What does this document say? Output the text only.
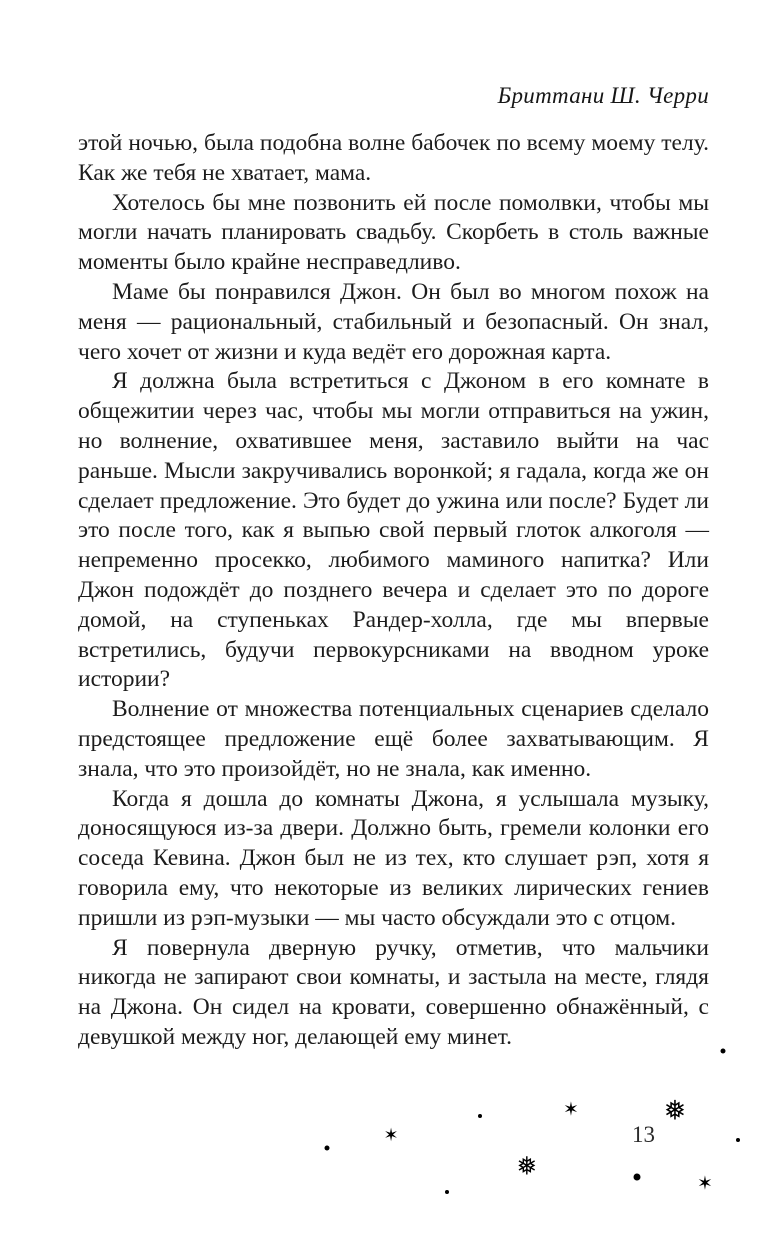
Бриттани Ш. Черри

этой ночью, была подобна волне бабочек по всему моему телу. Как же тебя не хватает, мама.

Хотелось бы мне позвонить ей после помолвки, чтобы мы могли начать планировать свадьбу. Скорбеть в столь важные моменты было крайне несправедливо.

Маме бы понравился Джон. Он был во многом похож на меня — рациональный, стабильный и безопасный. Он знал, чего хочет от жизни и куда ведёт его дорожная карта.

Я должна была встретиться с Джоном в его комнате в общежитии через час, чтобы мы могли отправиться на ужин, но волнение, охватившее меня, заставило выйти на час раньше. Мысли закручивались воронкой; я гадала, когда же он сделает предложение. Это будет до ужина или после? Будет ли это после того, как я выпью свой первый глоток алкоголя — непременно просекко, любимого маминого напитка? Или Джон подождёт до позднего вечера и сделает это по дороге домой, на ступеньках Рандер-холла, где мы впервые встретились, будучи первокурсниками на вводном уроке истории?

Волнение от множества потенциальных сценариев сделало предстоящее предложение ещё более захватывающим. Я знала, что это произойдёт, но не знала, как именно.

Когда я дошла до комнаты Джона, я услышала музыку, доносящуюся из-за двери. Должно быть, гремели колонки его соседа Кевина. Джон был не из тех, кто слушает рэп, хотя я говорила ему, что некоторые из великих лирических гениев пришли из рэп-музыки — мы часто обсуждали это с отцом.

Я повернула дверную ручку, отметив, что мальчики никогда не запирают свои комнаты, и застыла на месте, глядя на Джона. Он сидел на кровати, совершенно обнажённый, с девушкой между ног, делающей ему минет.

13
✶	❅
✶
❅
✶
